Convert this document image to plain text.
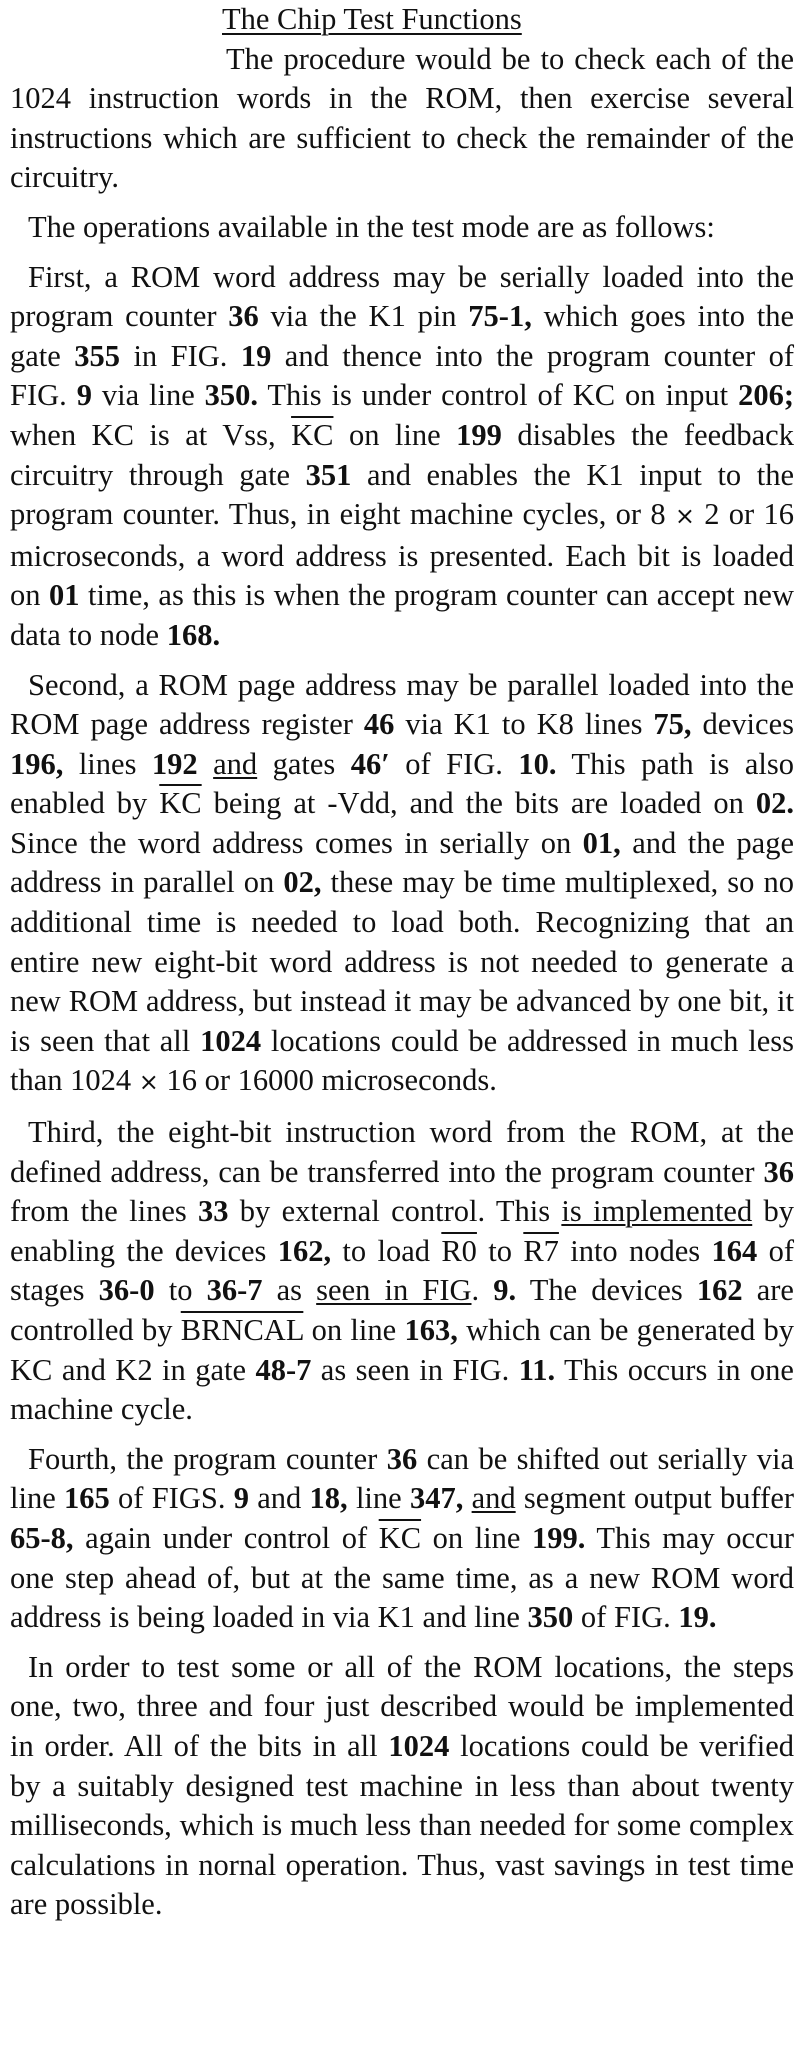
The Chip Test Functions

The procedure would be to check each of the 1024 instruction words in the ROM, then exercise several instructions which are sufficient to check the remainder of the circuitry.

The operations available in the test mode are as follows:

First, a ROM word address may be serially loaded into the program counter 36 via the K1 pin 75-1, which goes into the gate 355 in FIG. 19 and thence into the program counter of FIG. 9 via line 350. This is under control of KC on input 206; when KC is at Vss, $\overline{KC}$ on line 199 disables the feedback circuitry through gate 351 and enables the K1 input to the program counter. Thus, in eight machine cycles, or 8 × 2 or 16 microseconds, a word address is presented. Each bit is loaded on 01 time, as this is when the program counter can accept new data to node 168.

Second, a ROM page address may be parallel loaded into the ROM page address register 46 via K1 to K8 lines 75, devices 196, lines 192 and gates 46′ of FIG. 10. This path is also enabled by $\overline{KC}$ being at -Vdd, and the bits are loaded on 02. Since the word address comes in serially on 01, and the page address in parallel on 02, these may be time multiplexed, so no additional time is needed to load both. Recognizing that an entire new eight-bit word address is not needed to generate a new ROM address, but instead it may be advanced by one bit, it is seen that all 1024 locations could be addressed in much less than 1024 × 16 or 16000 microseconds.

Third, the eight-bit instruction word from the ROM, at the defined address, can be transferred into the program counter 36 from the lines 33 by external control. This is implemented by enabling the devices 162, to load R0 to R7 into nodes 164 of stages 36-0 to 36-7 as seen in FIG. 9. The devices 162 are controlled by BRNCAL on line 163, which can be generated by KC and K2 in gate 48-7 as seen in FIG. 11. This occurs in one machine cycle.

Fourth, the program counter 36 can be shifted out serially via line 165 of FIGS. 9 and 18, line 347, and segment output buffer 65-8, again under control of $\overline{KC}$ on line 199. This may occur one step ahead of, but at the same time, as a new ROM word address is being loaded in via K1 and line 350 of FIG. 19.

In order to test some or all of the ROM locations, the steps one, two, three and four just described would be implemented in order. All of the bits in all 1024 locations could be verified by a suitably designed test machine in less than about twenty milliseconds, which is much less than needed for some complex calculations in nornal operation. Thus, vast savings in test time are possible.
